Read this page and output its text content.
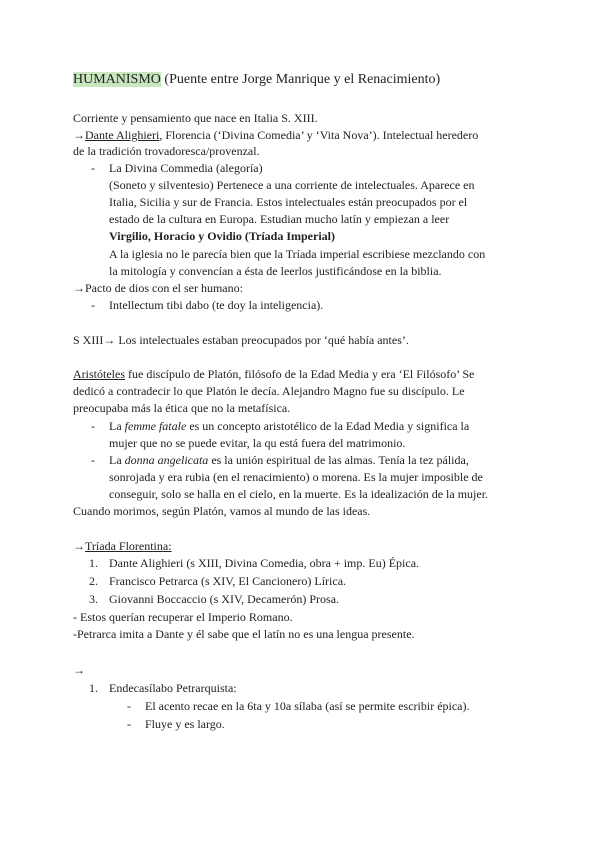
HUMANISMO (Puente entre Jorge Manrique y el Renacimiento)
Corriente y pensamiento que nace en Italia S. XIII.
→Dante Alighieri, Florencia (‘Divina Comedia’ y ‘Vita Nova’). Intelectual heredero
de la tradición trovadoresca/provenzal.
- La Divina Commedia (alegoría)
(Soneto y silventesio) Pertenece a una corriente de intelectuales. Aparece en
Italia, Sicilia y sur de Francia. Estos intelectuales están preocupados por el
estado de la cultura en Europa. Estudian mucho latín y empiezan a leer
Virgilio, Horacio y Ovidio (Tríada Imperial)
A la iglesia no le parecía bien que la Tríada imperial escribiese mezclando con
la mitología y convencían a ésta de leerlos justificándose en la biblia.
→Pacto de dios con el ser humano:
- Intellectum tibi dabo (te doy la inteligencia).
S XIII→ Los intelectuales estaban preocupados por ‘qué había antes’.
Aristóteles fue discípulo de Platón, filósofo de la Edad Media y era ‘El Filósofo’ Se
dedicó a contradecir lo que Platón le decía. Alejandro Magno fue su discípulo. Le
preocupaba más la ética que no la metafísica.
- La femme fatale es un concepto aristotélico de la Edad Media y significa la
mujer que no se puede evitar, la qu está fuera del matrimonio.
- La donna angelicata es la unión espiritual de las almas. Tenía la tez pálida,
sonrojada y era rubia (en el renacimiento) o morena. Es la mujer imposible de
conseguir, solo se halla en el cielo, en la muerte. Es la idealización de la mujer.
Cuando morimos, según Platón, vamos al mundo de las ideas.
→Tríada Florentina:
1. Dante Alighieri (s XIII, Divina Comedia, obra + imp. Eu) Épica.
2. Francisco Petrarca (s XIV, El Cancionero) Lírica.
3. Giovanni Boccaccio (s XIV, Decamerón) Prosa.
- Estos querían recuperar el Imperio Romano.
-Petrarca imita a Dante y él sabe que el latín no es una lengua presente.
→
1. Endecasílabo Petrarquista:
- El acento recae en la 6ta y 10a sílaba (así se permite escribir épica).
- Fluye y es largo.
